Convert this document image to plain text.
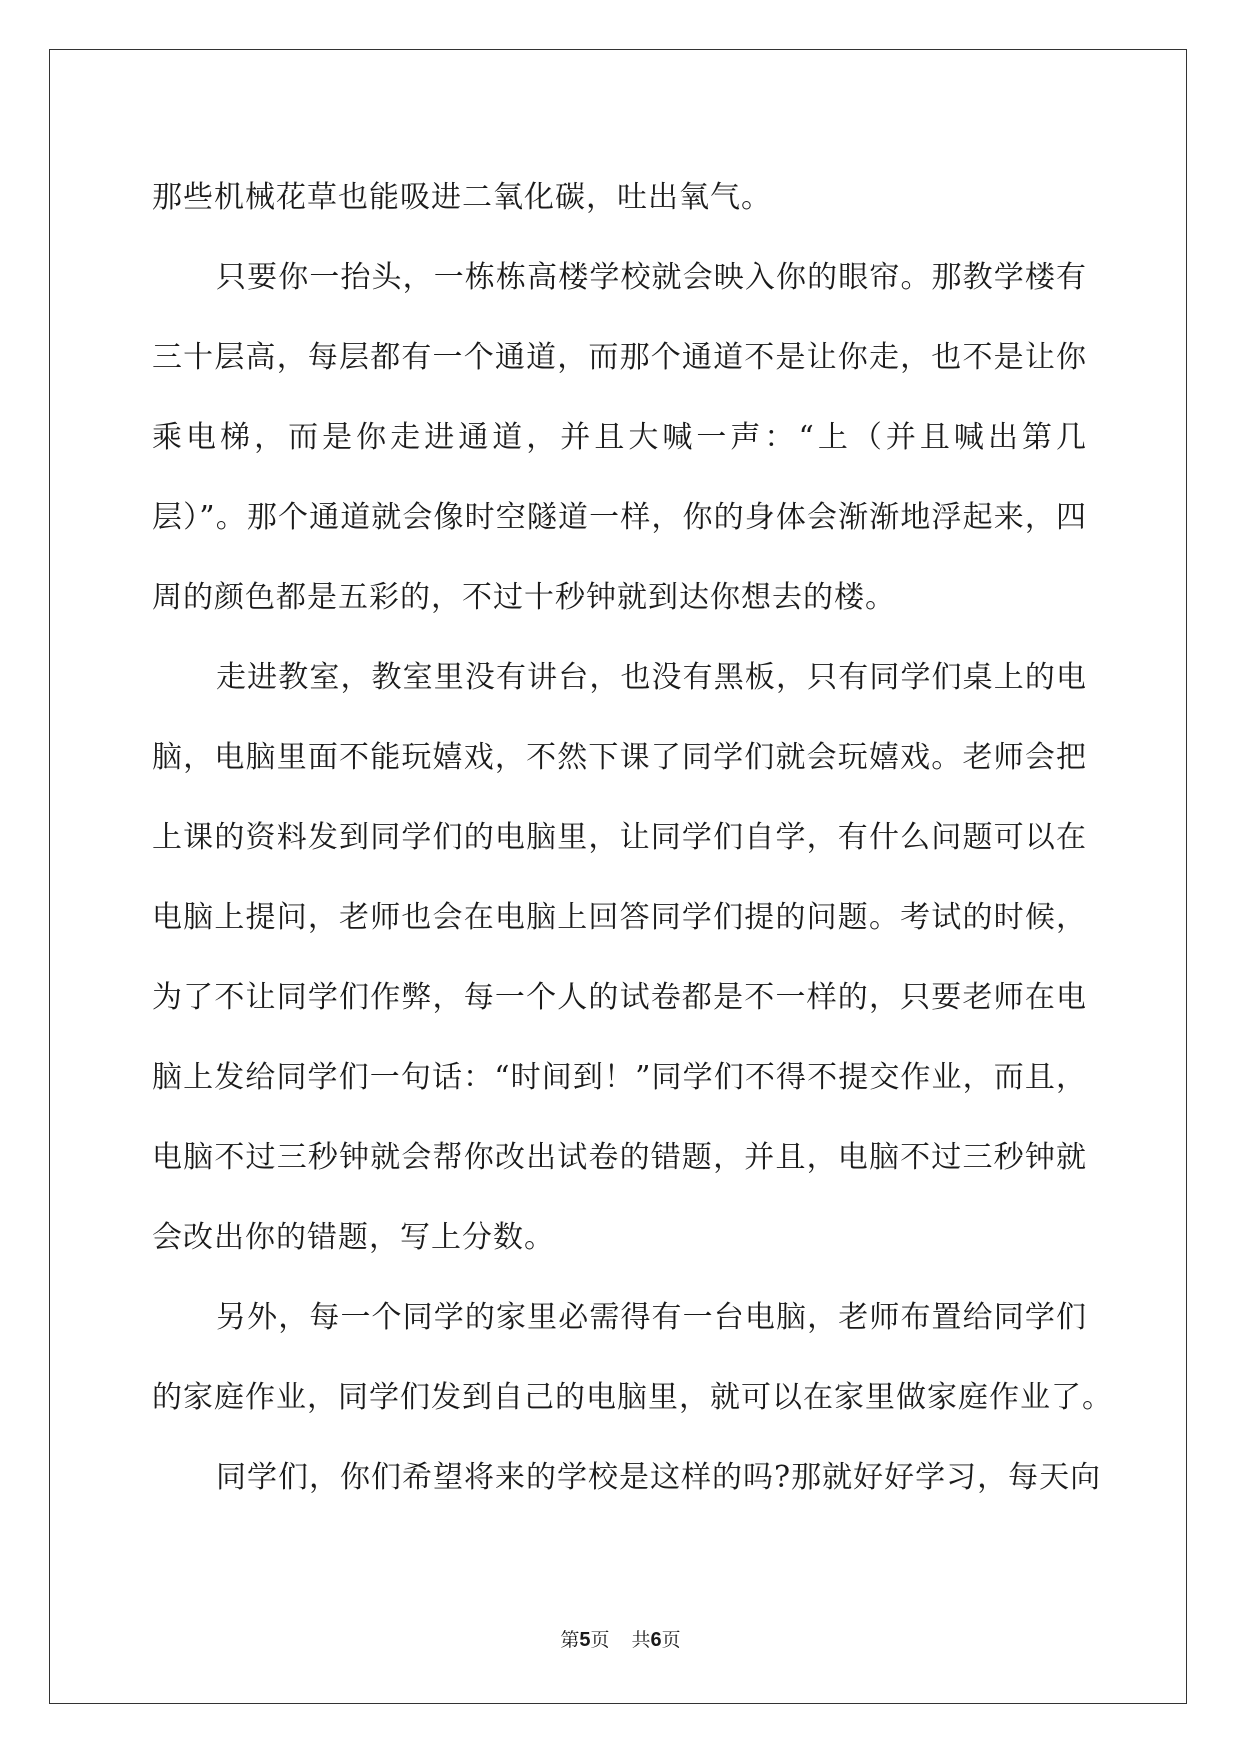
那些机械花草也能吸进二氧化碳，吐出氧气。
只要你一抬头，一栋栋高楼学校就会映入你的眼帘。那教学楼有
三十层高，每层都有一个通道，而那个通道不是让你走，也不是让你
乘电梯，而是你走进通道，并且大喊一声：“上（并且喊出第几
层）”。那个通道就会像时空隧道一样，你的身体会渐渐地浮起来，四
周的颜色都是五彩的，不过十秒钟就到达你想去的楼。
走进教室，教室里没有讲台，也没有黑板，只有同学们桌上的电
脑，电脑里面不能玩嬉戏，不然下课了同学们就会玩嬉戏。老师会把
上课的资料发到同学们的电脑里，让同学们自学，有什么问题可以在
电脑上提问，老师也会在电脑上回答同学们提的问题。考试的时候，
为了不让同学们作弊，每一个人的试卷都是不一样的，只要老师在电
脑上发给同学们一句话：“时间到！”同学们不得不提交作业，而且，
电脑不过三秒钟就会帮你改出试卷的错题，并且，电脑不过三秒钟就
会改出你的错题，写上分数。
另外，每一个同学的家里必需得有一台电脑，老师布置给同学们
的家庭作业，同学们发到自己的电脑里，就可以在家里做家庭作业了。
同学们，你们希望将来的学校是这样的吗?那就好好学习，每天向
第5页 共6页
